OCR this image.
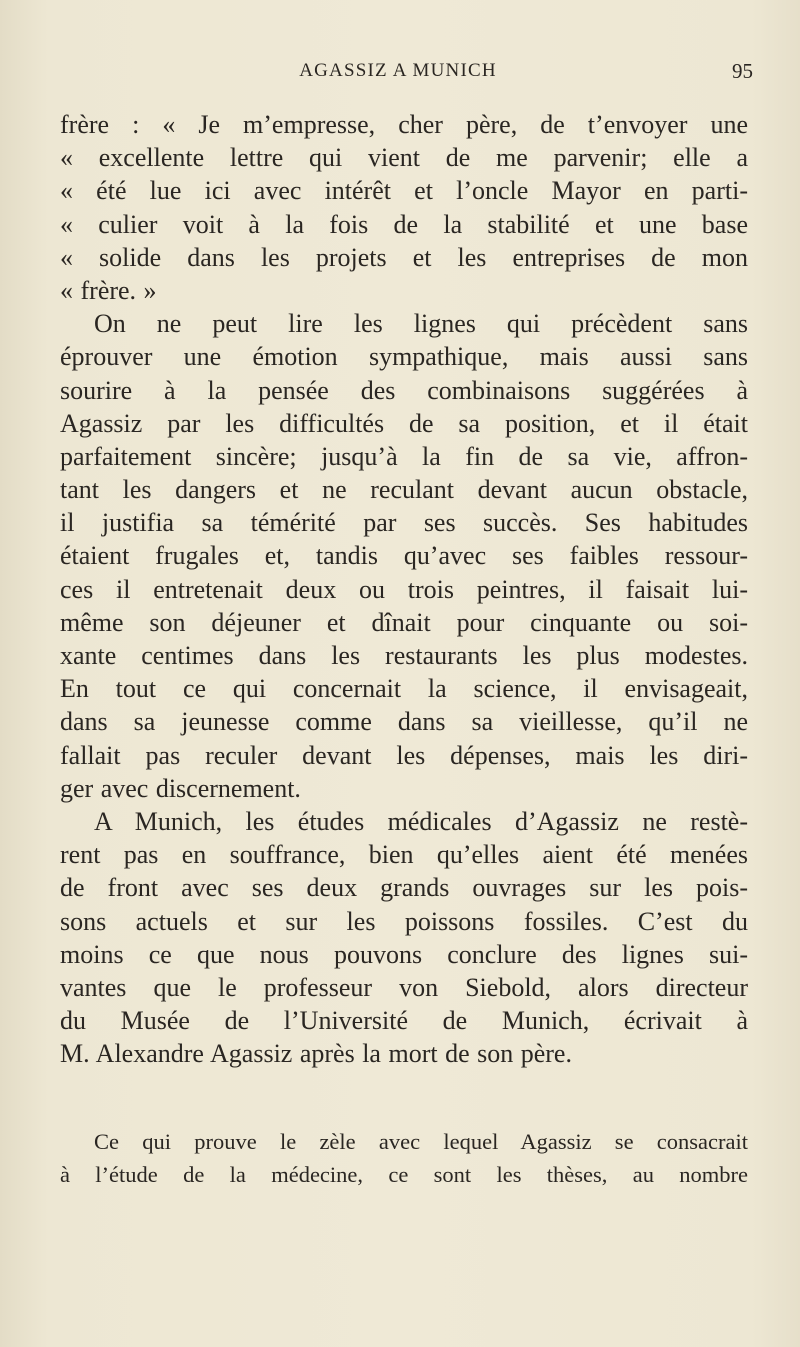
AGASSIZ A MUNICH	95
frère : « Je m’empresse, cher père, de t’envoyer une
« excellente lettre qui vient de me parvenir; elle a
« été lue ici avec intérêt et l’oncle Mayor en parti-
« culier voit à la fois de la stabilité et une base
« solide dans les projets et les entreprises de mon
« frère. »
On ne peut lire les lignes qui précèdent sans
éprouver une émotion sympathique, mais aussi sans
sourire à la pensée des combinaisons suggérées à
Agassiz par les difficultés de sa position, et il était
parfaitement sincère; jusqu’à la fin de sa vie, affron-
tant les dangers et ne reculant devant aucun obstacle,
il justifia sa témérité par ses succès. Ses habitudes
étaient frugales et, tandis qu’avec ses faibles ressour-
ces il entretenait deux ou trois peintres, il faisait lui-
même son déjeuner et dînait pour cinquante ou soi-
xante centimes dans les restaurants les plus modestes.
En tout ce qui concernait la science, il envisageait,
dans sa jeunesse comme dans sa vieillesse, qu’il ne
fallait pas reculer devant les dépenses, mais les diri-
ger avec discernement.
A Munich, les études médicales d’Agassiz ne restè-
rent pas en souffrance, bien qu’elles aient été menées
de front avec ses deux grands ouvrages sur les pois-
sons actuels et sur les poissons fossiles. C’est du
moins ce que nous pouvons conclure des lignes sui-
vantes que le professeur von Siebold, alors directeur
du Musée de l’Université de Munich, écrivait à
M. Alexandre Agassiz après la mort de son père.
Ce qui prouve le zèle avec lequel Agassiz se consacrait
à l’étude de la médecine, ce sont les thèses, au nombre
